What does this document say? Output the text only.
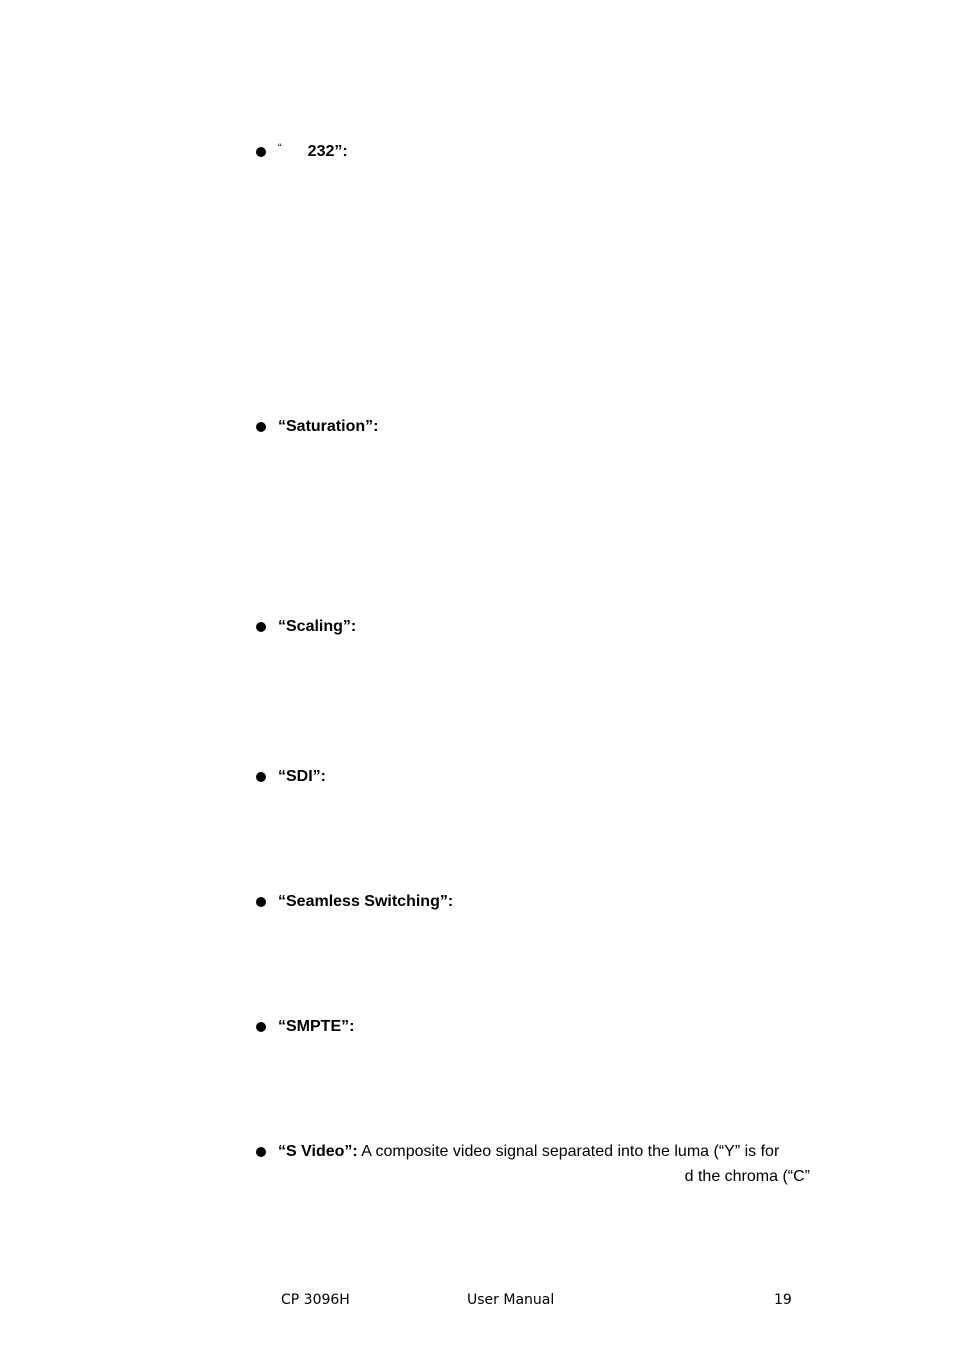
“ 232”:
“Saturation”:
“Scaling”:
“SDI”:
“Seamless Switching”:
“SMPTE”:
“S Video”: A composite video signal separated into the luma (“Y” is for
d the chroma (“C”
CP 3096H	User Manual	19
